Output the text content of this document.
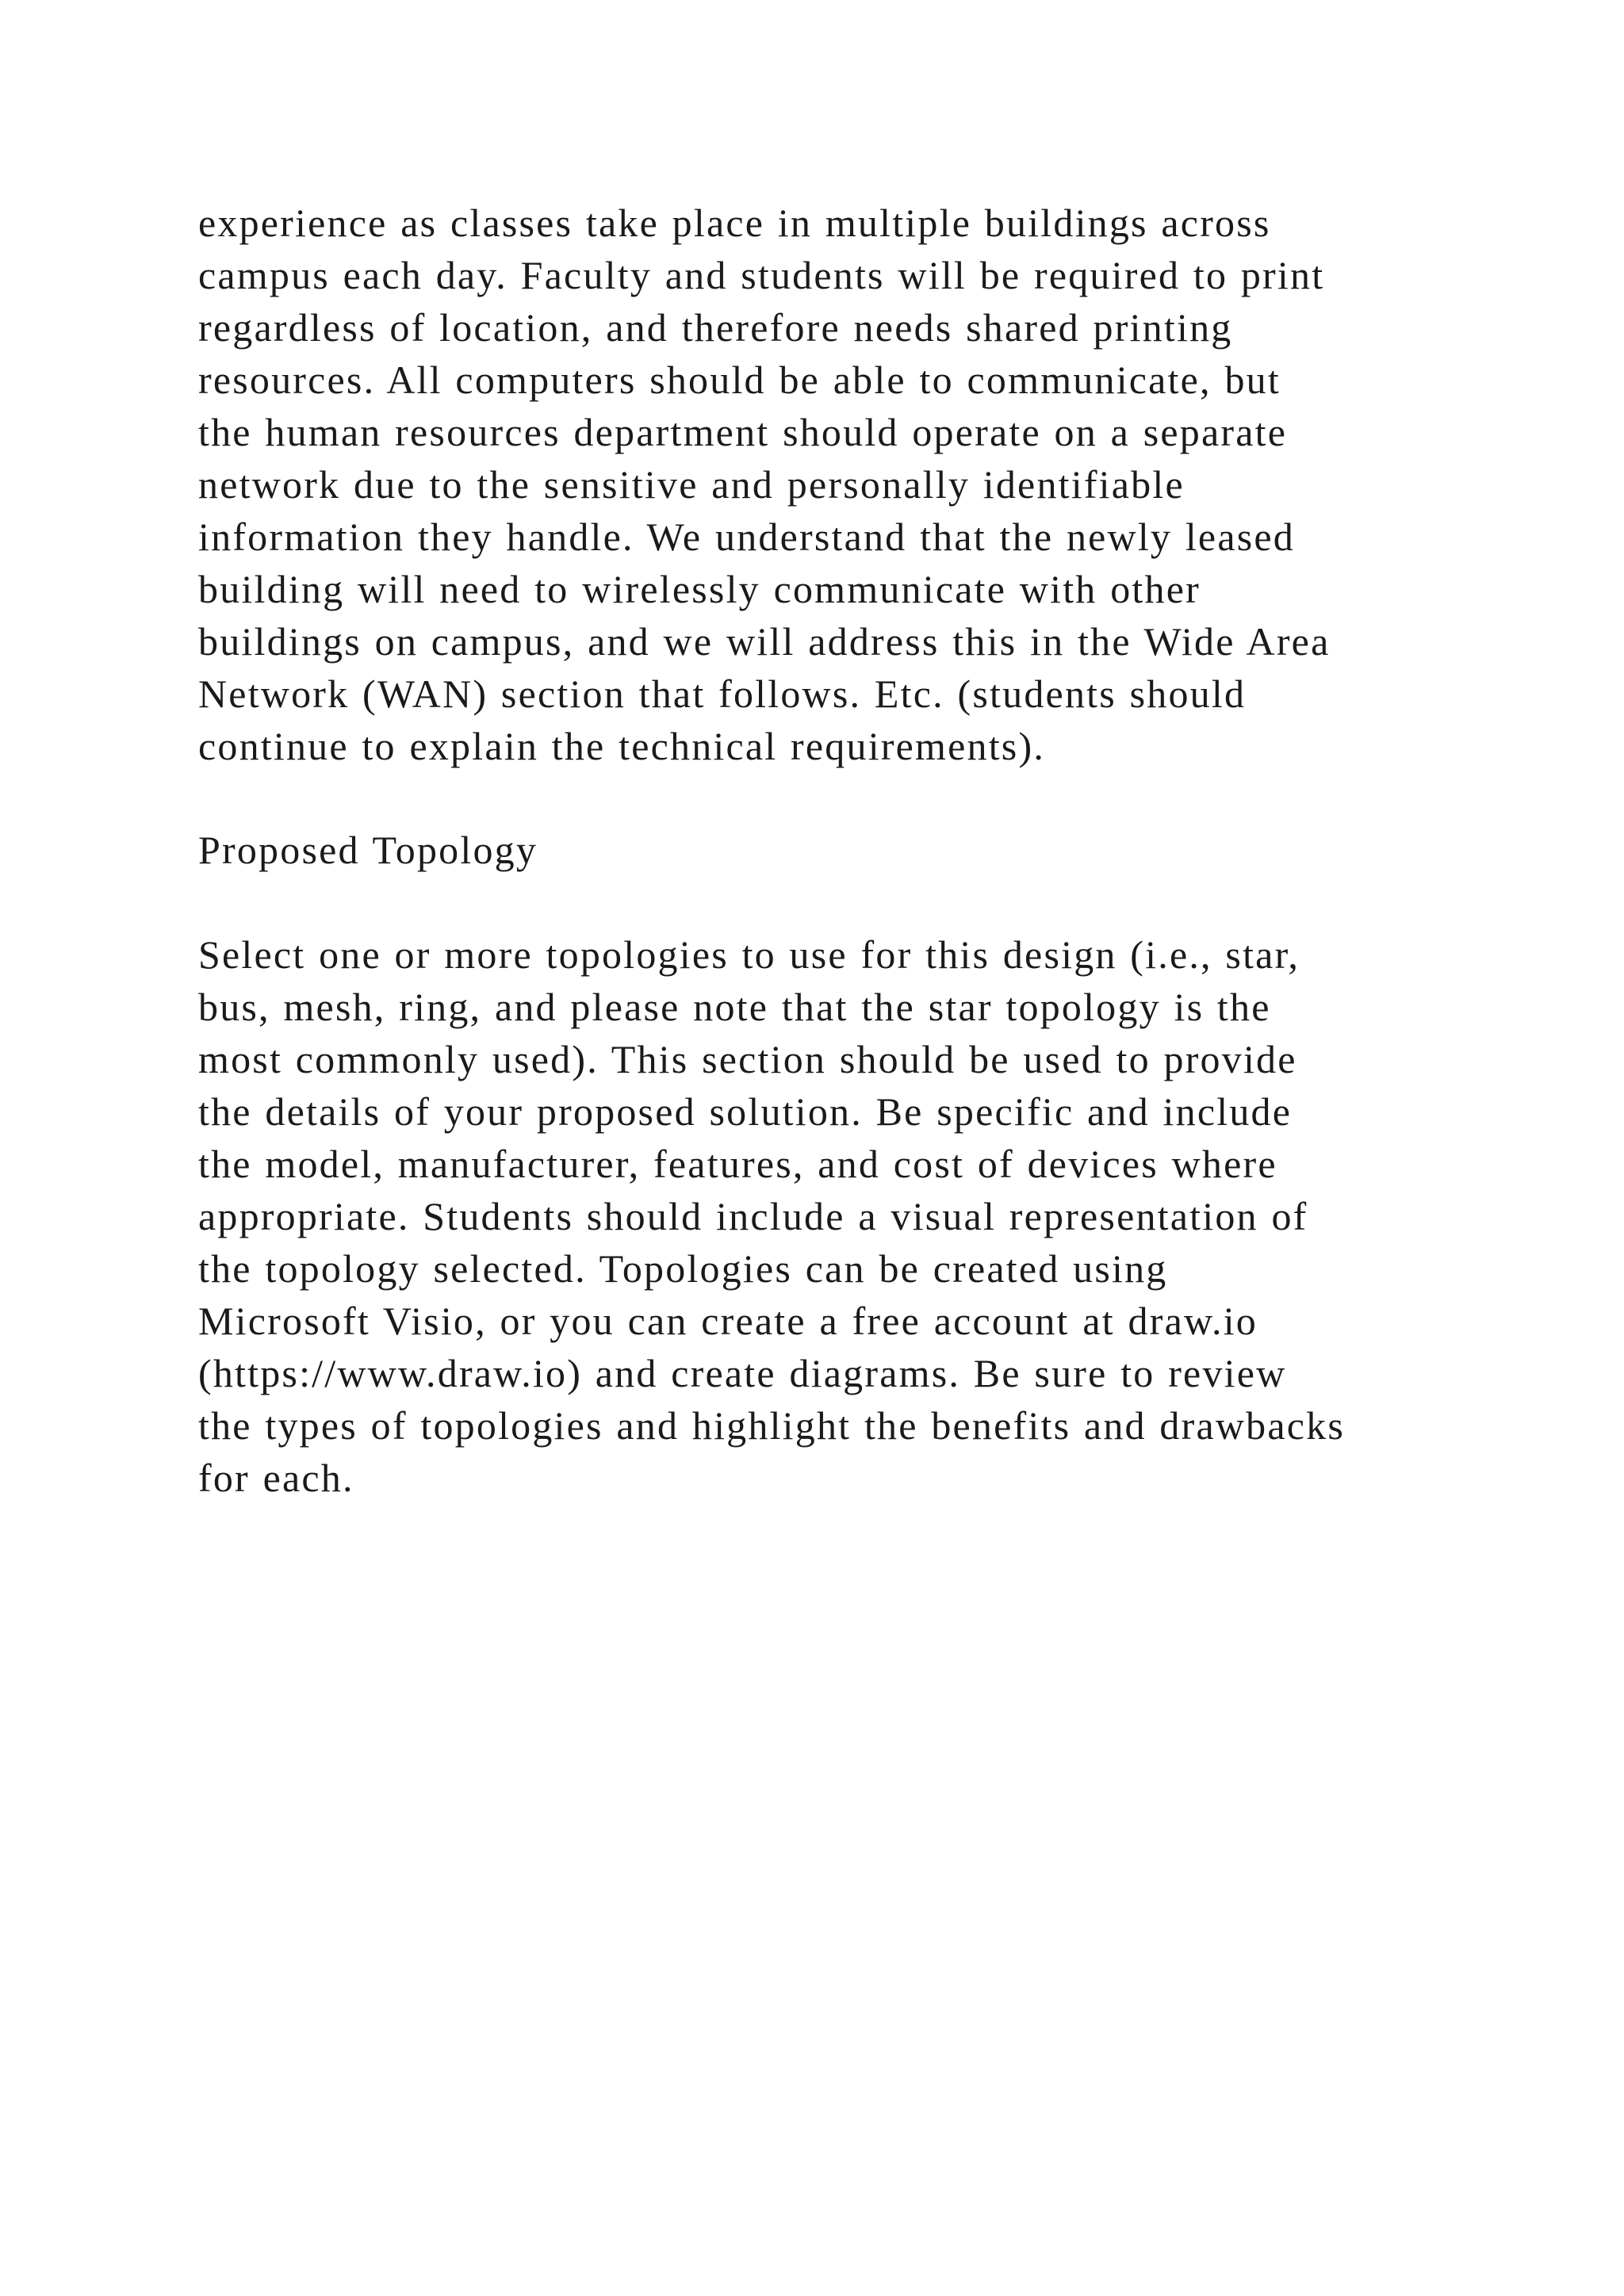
experience as classes take place in multiple buildings across
campus each day. Faculty and students will be required to print
regardless of location, and therefore needs shared printing
resources. All computers should be able to communicate, but
the human resources department should operate on a separate
network due to the sensitive and personally identifiable
information they handle. We understand that the newly leased
building will need to wirelessly communicate with other
buildings on campus, and we will address this in the Wide Area
Network (WAN) section that follows. Etc. (students should
continue to explain the technical requirements).
Proposed Topology
Select one or more topologies to use for this design (i.e., star,
bus, mesh, ring, and please note that the star topology is the
most commonly used). This section should be used to provide
the details of your proposed solution. Be specific and include
the model, manufacturer, features, and cost of devices where
appropriate. Students should include a visual representation of
the topology selected. Topologies can be created using
Microsoft Visio, or you can create a free account at draw.io
(https://www.draw.io) and create diagrams. Be sure to review
the types of topologies and highlight the benefits and drawbacks
for each.
